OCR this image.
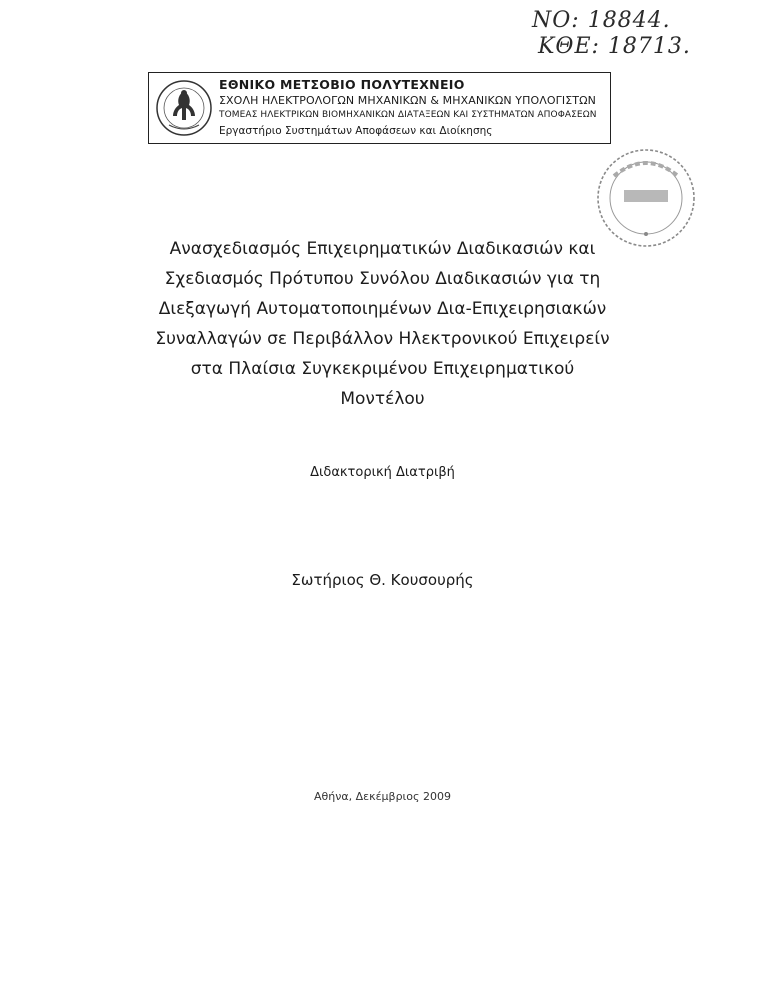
NO: 18844.
ΚΘΕ: 18713.
ΕΘΝΙΚΟ ΜΕΤΣΟΒΙΟ ΠΟΛΥΤΕΧΝΕΙΟ
ΣΧΟΛΗ ΗΛΕΚΤΡΟΛΟΓΩΝ ΜΗΧΑΝΙΚΩΝ & ΜΗΧΑΝΙΚΩΝ ΥΠΟΛΟΓΙΣΤΩΝ
ΤΟΜΕΑΣ ΗΛΕΚΤΡΙΚΩΝ ΒΙΟΜΗΧΑΝΙΚΩΝ ΔΙΑΤΑΞΕΩΝ ΚΑΙ ΣΥΣΤΗΜΑΤΩΝ ΑΠΟΦΑΣΕΩΝ
Εργαστήριο Συστημάτων Αποφάσεων και Διοίκησης
Ανασχεδιασμός Επιχειρηματικών Διαδικασιών και
Σχεδιασμός Πρότυπου Συνόλου Διαδικασιών για τη
Διεξαγωγή Αυτοματοποιημένων Δια-Επιχειρησιακών
Συναλλαγών σε Περιβάλλον Ηλεκτρονικού Επιχειρείν
στα Πλαίσια Συγκεκριμένου Επιχειρηματικού
Μοντέλου
Διδακτορική Διατριβή
Σωτήριος Θ. Κουσουρής
Αθήνα, Δεκέμβριος 2009
